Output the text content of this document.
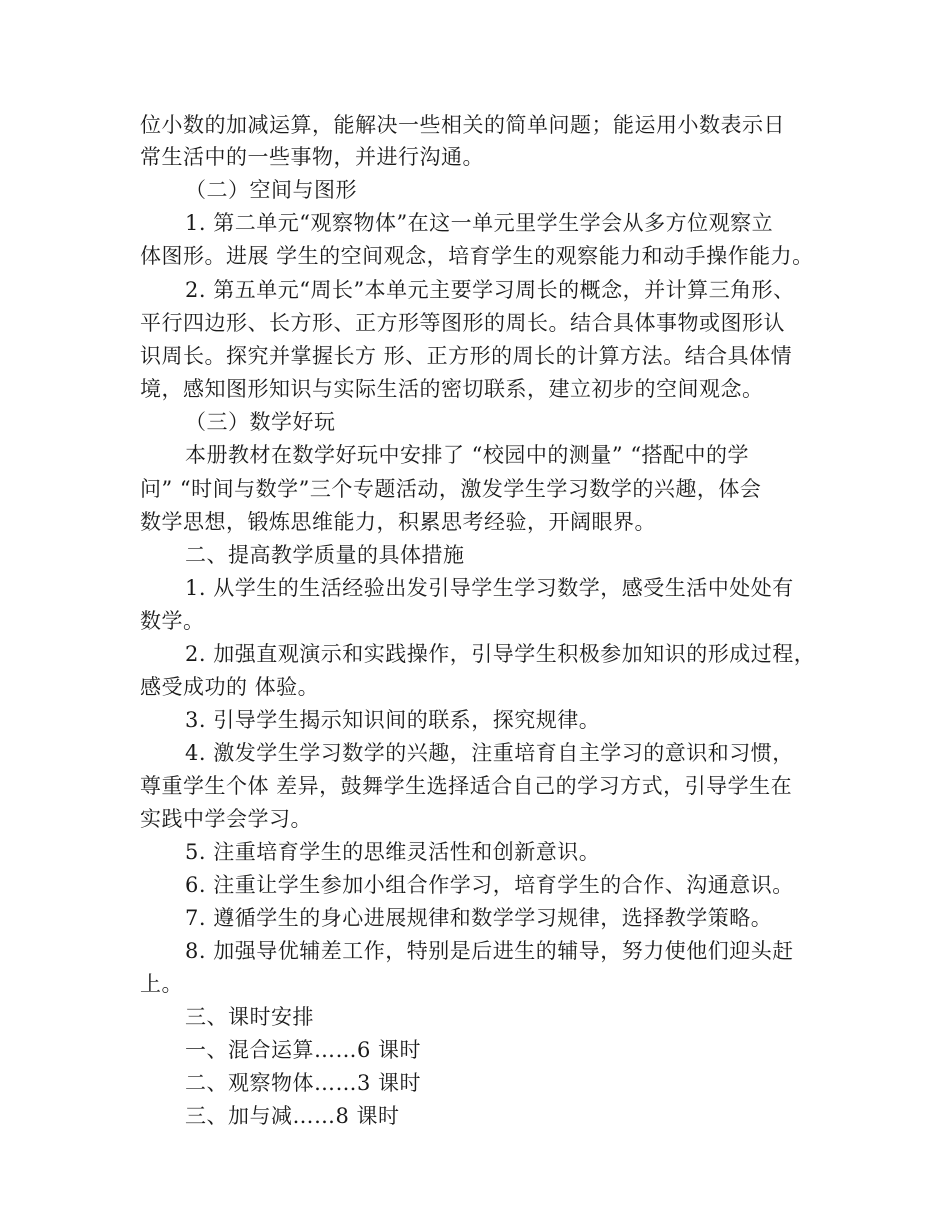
位小数的加减运算，能解决一些相关的简单问题；能运用小数表示日
常生活中的一些事物，并进行沟通。
（二）空间与图形
1. 第二单元“观察物体”在这一单元里学生学会从多方位观察立
体图形。进展 学生的空间观念，培育学生的观察能力和动手操作能力。
2. 第五单元“周长”本单元主要学习周长的概念，并计算三角形、
平行四边形、长方形、正方形等图形的周长。结合具体事物或图形认
识周长。探究并掌握长方 形、正方形的周长的计算方法。结合具体情
境，感知图形知识与实际生活的密切联系，建立初步的空间观念。
（三）数学好玩
本册教材在数学好玩中安排了 “校园中的测量” “搭配中的学
问” “时间与数学”三个专题活动，激发学生学习数学的兴趣，体会
数学思想，锻炼思维能力，积累思考经验，开阔眼界。
二、提高教学质量的具体措施
1. 从学生的生活经验出发引导学生学习数学，感受生活中处处有
数学。
2. 加强直观演示和实践操作，引导学生积极参加知识的形成过程，
感受成功的 体验。
3. 引导学生揭示知识间的联系，探究规律。
4. 激发学生学习数学的兴趣，注重培育自主学习的意识和习惯，
尊重学生个体 差异，鼓舞学生选择适合自己的学习方式，引导学生在
实践中学会学习。
5. 注重培育学生的思维灵活性和创新意识。
6. 注重让学生参加小组合作学习，培育学生的合作、沟通意识。
7. 遵循学生的身心进展规律和数学学习规律，选择教学策略。
8. 加强导优辅差工作，特别是后进生的辅导，努力使他们迎头赶
上。
三、课时安排
一、混合运算……6 课时
二、观察物体……3 课时
三、加与减……8 课时
